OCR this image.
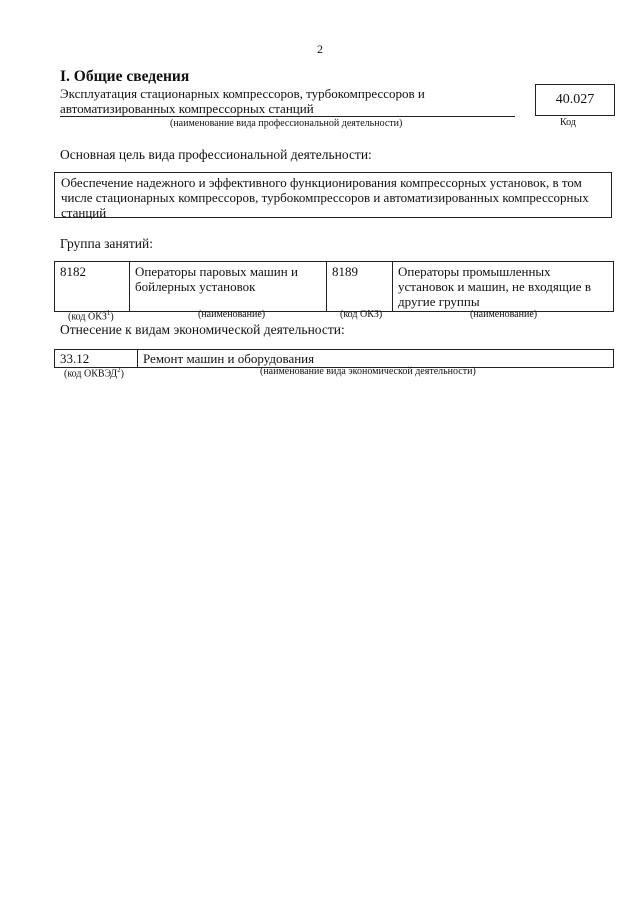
2
I. Общие сведения
Эксплуатация стационарных компрессоров, турбокомпрессоров и автоматизированных компрессорных станций
(наименование вида профессиональной деятельности)
40.027
Код
Основная цель вида профессиональной деятельности:
Обеспечение надежного и эффективного функционирования компрессорных установок, в том числе стационарных компрессоров, турбокомпрессоров и автоматизированных компрессорных станций
Группа занятий:
8182	Операторы паровых машин и бойлерных установок	8189	Операторы промышленных установок и машин, не входящие в другие группы
(код ОКЗ$^1$)	(наименование)	(код ОКЗ)	(наименование)
Отнесение к видам экономической деятельности:
33.12	Ремонт машин и оборудования
(код ОКВЭД$^2$)	(наименование вида экономической деятельности)
